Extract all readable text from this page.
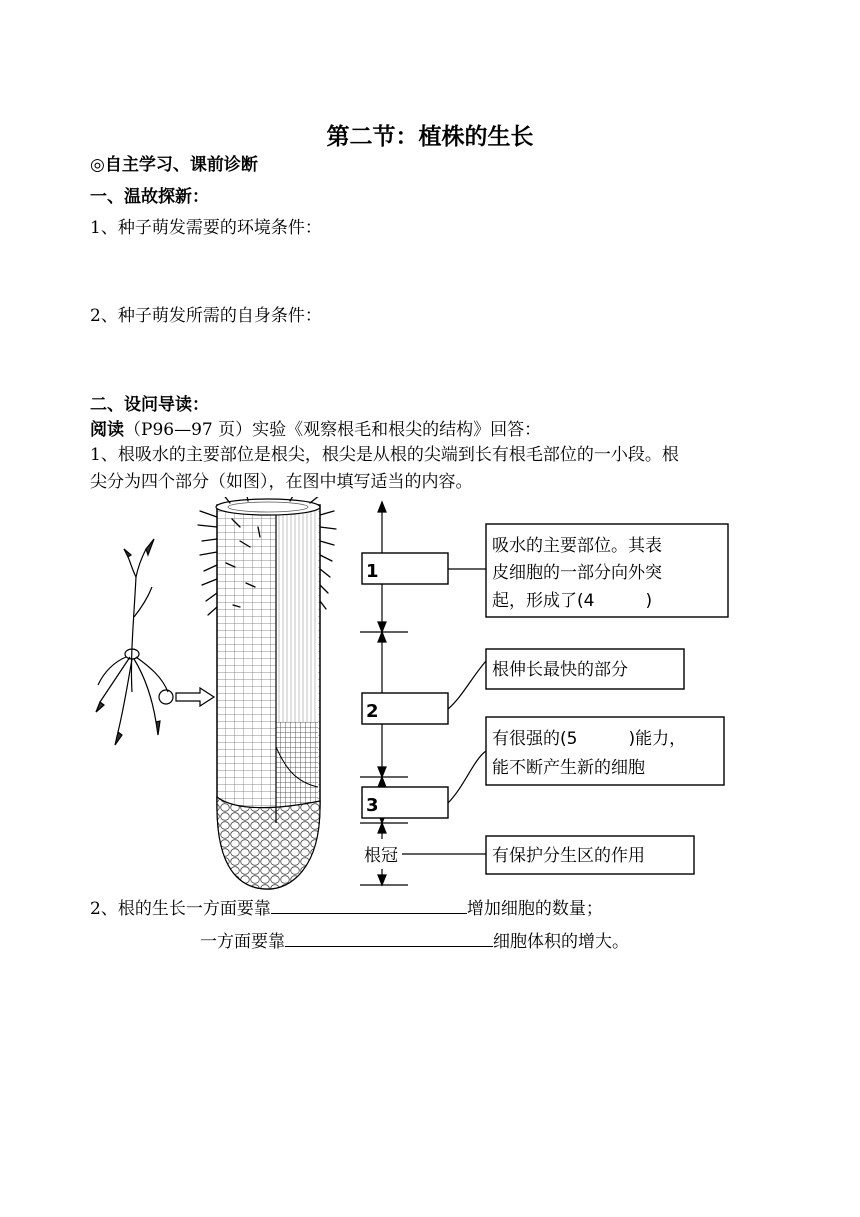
第二节：植株的生长
◎自主学习、课前诊断
一、温故探新：
1、种子萌发需要的环境条件：
2、种子萌发所需的自身条件：
二、设问导读：
阅读（P96—97 页）实验《观察根毛和根尖的结构》回答：
1、根吸水的主要部位是根尖，根尖是从根的尖端到长有根毛部位的一小段。根
尖分为四个部分（如图），在图中填写适当的内容。
1
2
3
根冠
吸水的主要部位。其表
皮细胞的一部分向外突
起，形成了(4　　　)
根伸长最快的部分
有很强的(5　　　)能力，
能不断产生新的细胞
有保护分生区的作用
2、根的生长一方面要靠	增加细胞的数量；
一方面要靠	细胞体积的增大。
